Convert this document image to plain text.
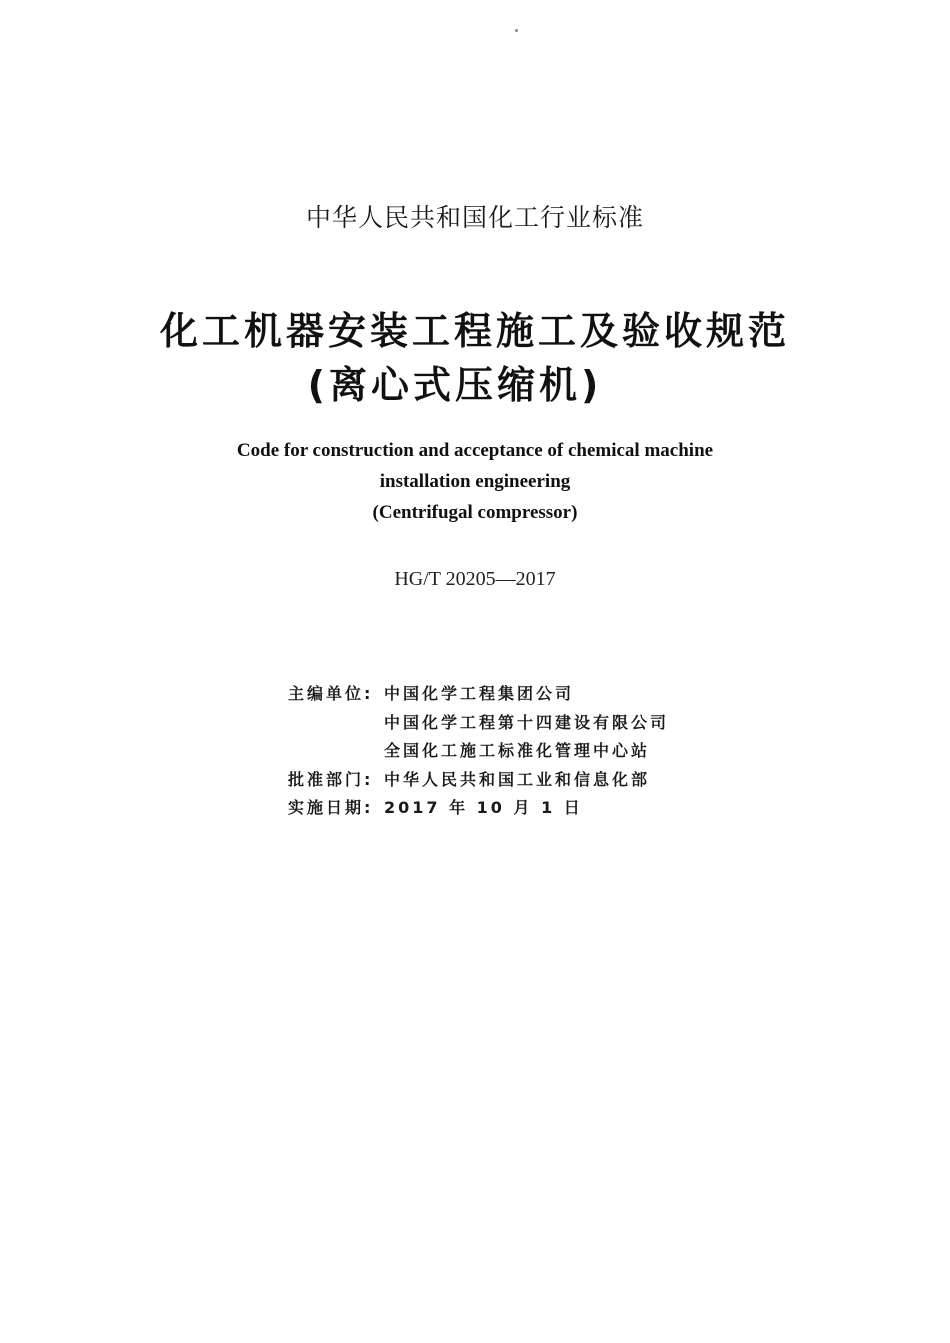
中华人民共和国化工行业标准
化工机器安装工程施工及验收规范
(离心式压缩机)
Code for construction and acceptance of chemical machine
installation engineering
(Centrifugal compressor)
HG/T 20205—2017
主编单位: 中国化学工程集团公司
中国化学工程第十四建设有限公司
全国化工施工标准化管理中心站
批准部门: 中华人民共和国工业和信息化部
实施日期: 2017 年 10 月 1 日
